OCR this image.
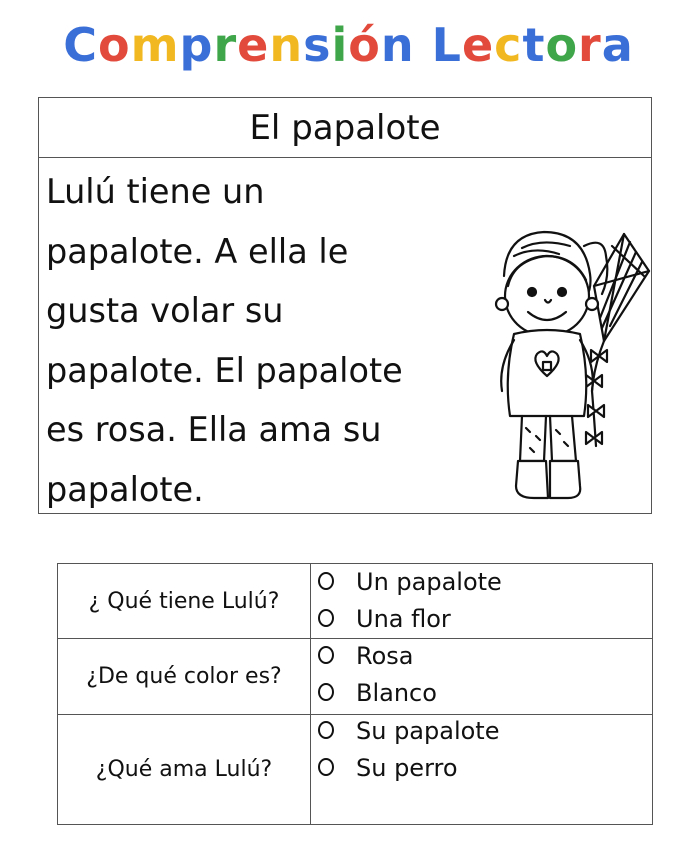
Comprensión Lectora
El papalote
Lulú tiene un
papalote. A ella le
gusta volar su
papalote. El papalote
es rosa. Ella ama su
papalote.
¿ Qué tiene Lulú?
Un papalote
Una flor
¿De qué color es?
Rosa
Blanco
¿Qué ama Lulú?
Su papalote
Su perro
